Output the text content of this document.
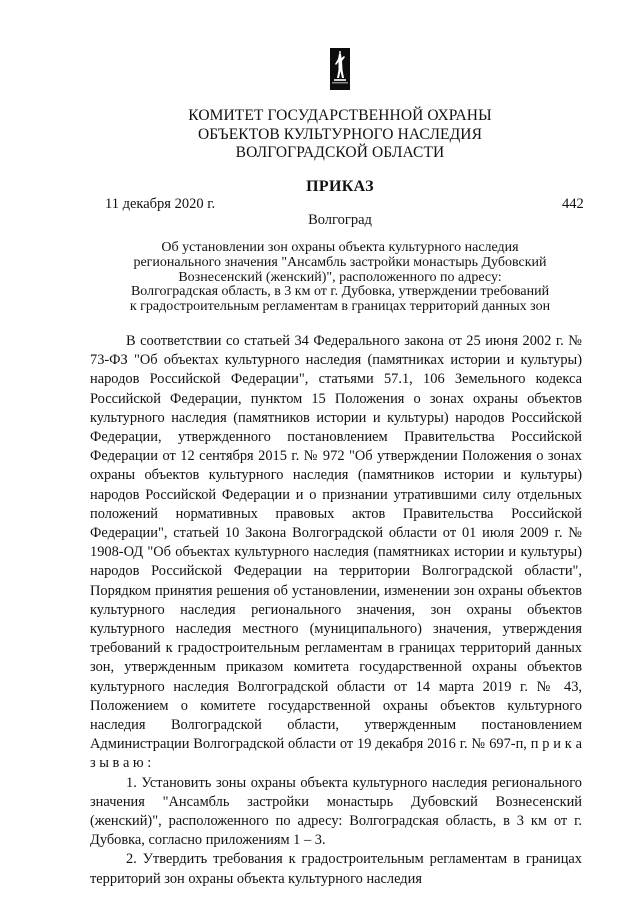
КОМИТЕТ ГОСУДАРСТВЕННОЙ ОХРАНЫ
ОБЪЕКТОВ КУЛЬТУРНОГО НАСЛЕДИЯ
ВОЛГОГРАДСКОЙ ОБЛАСТИ
ПРИКАЗ
11 декабря 2020 г.	442
Волгоград
Об установлении зон охраны объекта культурного наследия
регионального значения "Ансамбль застройки монастырь Дубовский
Вознесенский (женский)", расположенного по адресу:
Волгоградская область, в 3 км от г. Дубовка, утверждении требований
к градостроительным регламентам в границах территорий данных зон

В соответствии со статьей 34 Федерального закона от 25 июня 2002 г. № 73-ФЗ "Об объектах культурного наследия (памятниках истории и культуры) народов Российской Федерации", статьями 57.1, 106 Земельного кодекса Российской Федерации, пунктом 15 Положения о зонах охраны объектов культурного наследия (памятников истории и культуры) народов Российской Федерации, утвержденного постановлением Правительства Российской Федерации от 12 сентября 2015 г. № 972 "Об утверждении Положения о зонах охраны объектов культурного наследия (памятников истории и культуры) народов Российской Федерации и о признании утратившими силу отдельных положений нормативных правовых актов Правительства Российской Федерации", статьей 10 Закона Волгоградской области от 01 июля 2009 г. № 1908-ОД "Об объектах культурного наследия (памятниках истории и культуры) народов Российской Федерации на территории Волгоградской области", Порядком принятия решения об установлении, изменении зон охраны объектов культурного наследия регионального значения, зон охраны объектов культурного наследия местного (муниципального) значения, утверждения требований к градостроительным регламентам в границах территорий данных зон, утвержденным приказом комитета государственной охраны объектов культурного наследия Волгоградской области от 14 марта 2019 г. № 43, Положением о комитете государственной охраны объектов культурного наследия Волгоградской области, утвержденным постановлением Администрации Волгоградской области от 19 декабря 2016 г. № 697-п, п р и к а з ы в а ю :

1. Установить зоны охраны объекта культурного наследия регионального значения "Ансамбль застройки монастырь Дубовский Вознесенский (женский)", расположенного по адресу: Волгоградская область, в 3 км от г. Дубовка, согласно приложениям 1 – 3.

2. Утвердить требования к градостроительным регламентам в границах территорий зон охраны объекта культурного наследия
